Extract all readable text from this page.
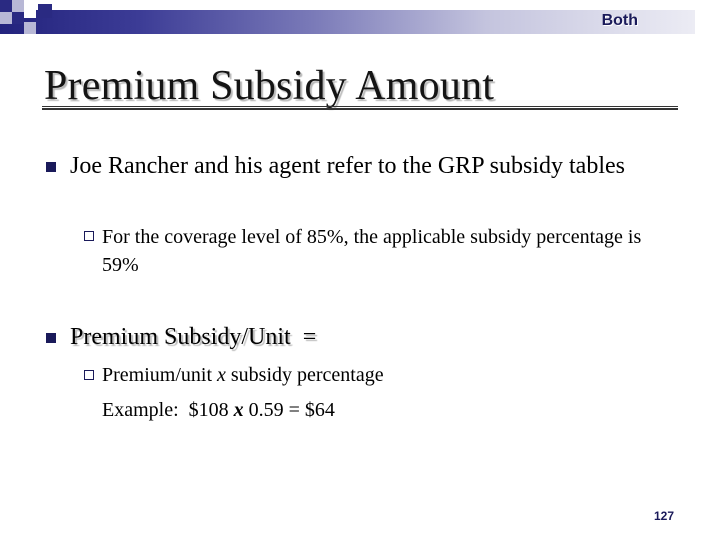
Both
Premium Subsidy Amount

Joe Rancher and his agent refer to the GRP subsidy tables

For the coverage level of 85%, the applicable subsidy percentage is 59%

Premium Subsidy/Unit  =

Premium/unit x subsidy percentage

Example:  $108 x 0.59 = $64

127
